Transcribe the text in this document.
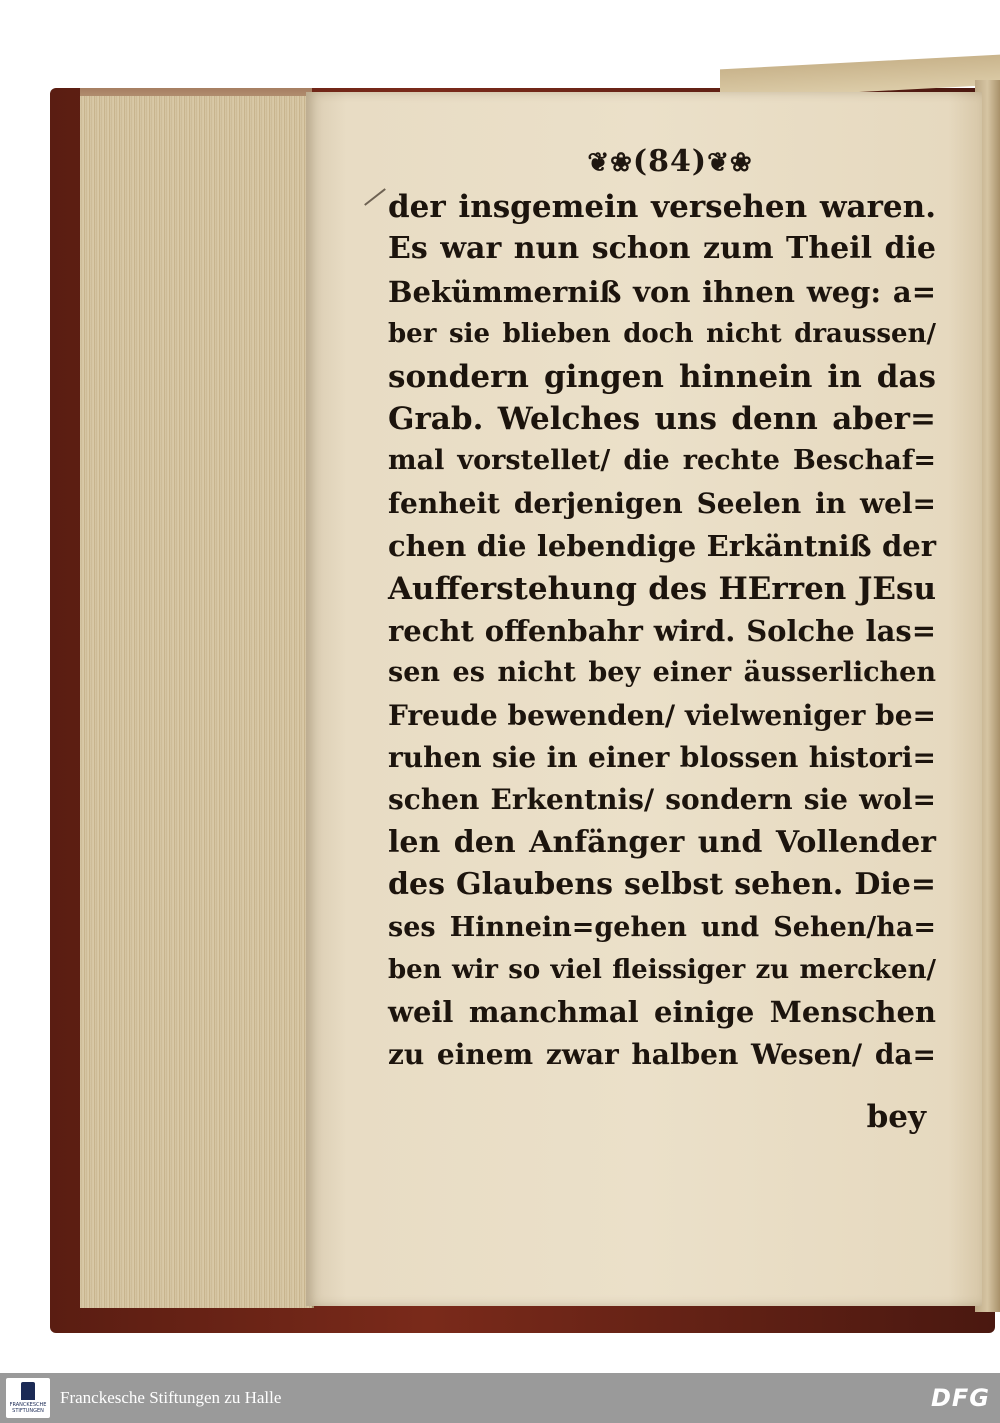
❦❀(84)❦❀
der insgemein versehen waren.
Es war nun schon zum Theil die
Bekümmerniß von ihnen weg: a=
ber sie blieben doch nicht draussen/
sondern gingen hinnein in das
Grab. Welches uns denn aber=
mal vorstellet/ die rechte Beschaf=
fenheit derjenigen Seelen in wel=
chen die lebendige Erkäntniß der
Aufferstehung des HErren JEsu
recht offenbahr wird. Solche las=
sen es nicht bey einer äusserlichen
Freude bewenden/ vielweniger be=
ruhen sie in einer blossen histori=
schen Erkentnis/ sondern sie wol=
len den Anfänger und Vollender
des Glaubens selbst sehen. Die=
ses Hinnein=gehen und Sehen/ha=
ben wir so viel fleissiger zu mercken/
weil manchmal einige Menschen
zu einem zwar halben Wesen/ da=
bey
FRANCKESCHE STIFTUNGEN
Franckesche Stiftungen zu Halle	DFG
